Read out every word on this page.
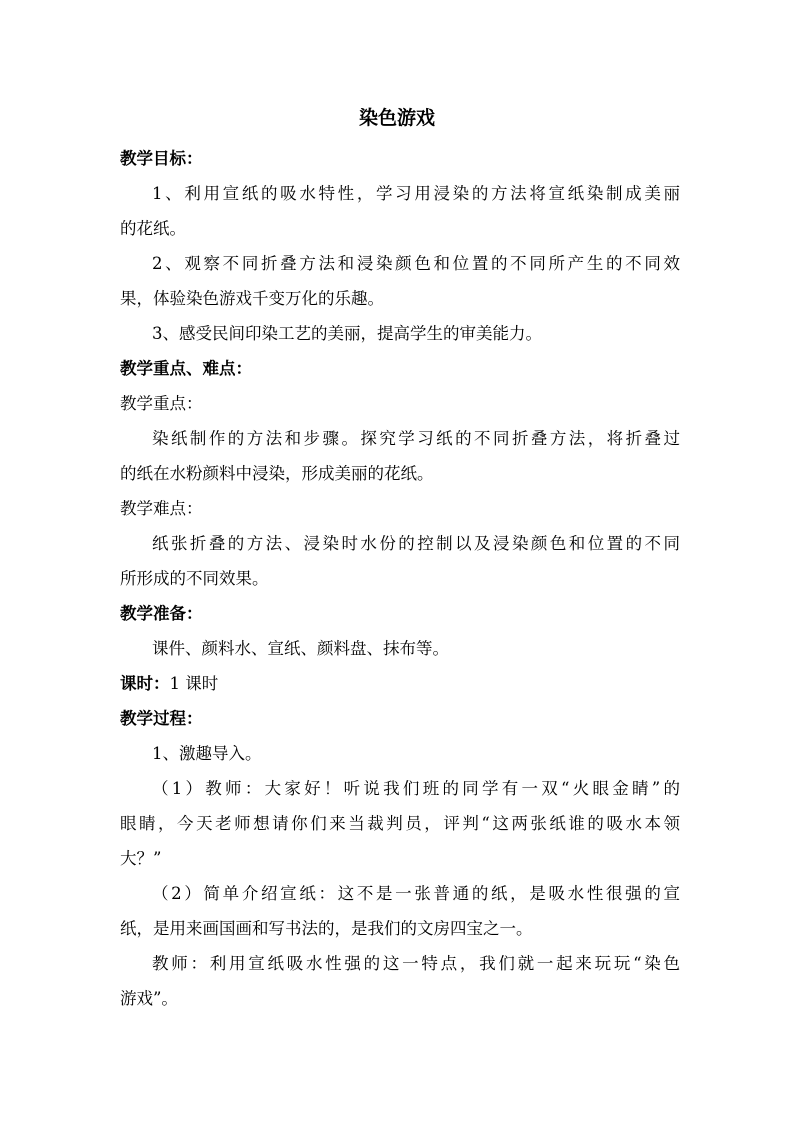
染色游戏
教学目标：
1、利用宣纸的吸水特性，学习用浸染的方法将宣纸染制成美丽
的花纸。
2、观察不同折叠方法和浸染颜色和位置的不同所产生的不同效
果，体验染色游戏千变万化的乐趣。
3、感受民间印染工艺的美丽，提高学生的审美能力。
教学重点、难点：
教学重点：
染纸制作的方法和步骤。探究学习纸的不同折叠方法，将折叠过
的纸在水粉颜料中浸染，形成美丽的花纸。
教学难点：
纸张折叠的方法、浸染时水份的控制以及浸染颜色和位置的不同
所形成的不同效果。
教学准备：
课件、颜料水、宣纸、颜料盘、抹布等。
课时：1 课时
教学过程：
1、激趣导入。
（1）教师：大家好！听说我们班的同学有一双“火眼金睛”的
眼睛，今天老师想请你们来当裁判员，评判“这两张纸谁的吸水本领
大？”
（2）简单介绍宣纸：这不是一张普通的纸，是吸水性很强的宣
纸，是用来画国画和写书法的，是我们的文房四宝之一。
教师：利用宣纸吸水性强的这一特点，我们就一起来玩玩“染色
游戏”。
